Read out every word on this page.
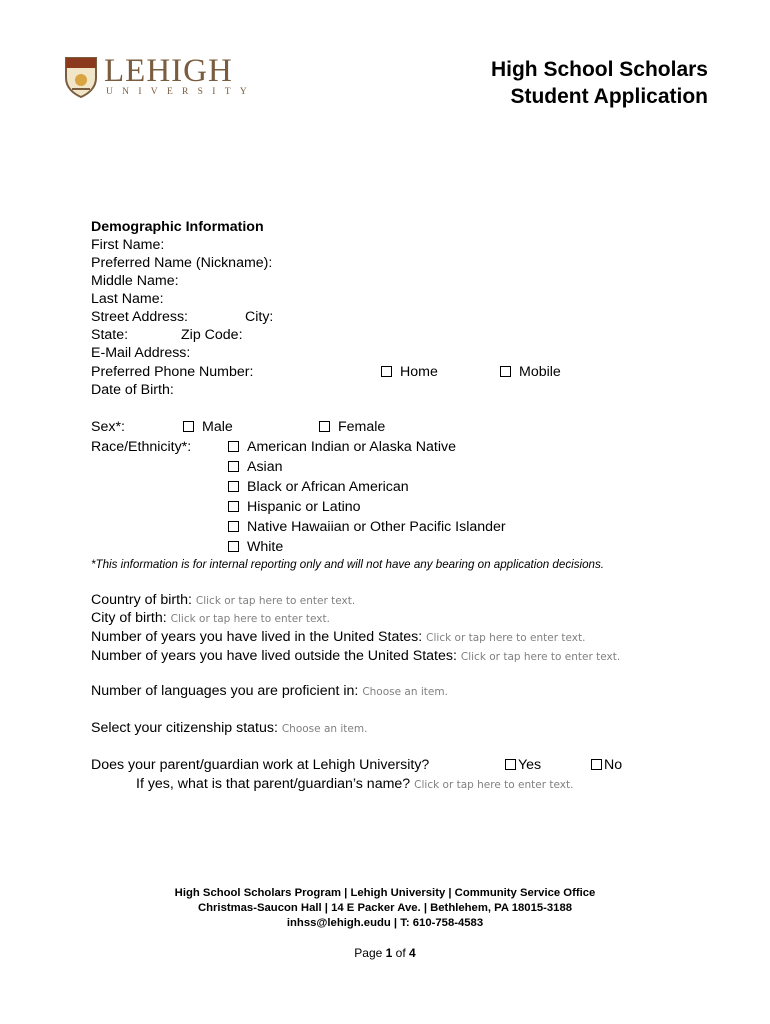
LEHIGH
UNIVERSITY
High School Scholars
Student Application
Demographic Information
First Name:
Preferred Name (Nickname):
Middle Name:
Last Name:
Street Address:	City:
State:	Zip Code:
E-Mail Address:
Preferred Phone Number:	Home	Mobile
Date of Birth:
Sex*:	Male	Female
Race/Ethnicity*:	American Indian or Alaska Native
Asian
Black or African American
Hispanic or Latino
Native Hawaiian or Other Pacific Islander
White
*This information is for internal reporting only and will not have any bearing on application decisions.
Country of birth: Click or tap here to enter text.
City of birth: Click or tap here to enter text.
Number of years you have lived in the United States: Click or tap here to enter text.
Number of years you have lived outside the United States: Click or tap here to enter text.
Number of languages you are proficient in: Choose an item.
Select your citizenship status: Choose an item.
Does your parent/guardian work at Lehigh University?	Yes	No
If yes, what is that parent/guardian’s name? Click or tap here to enter text.
High School Scholars Program | Lehigh University | Community Service Office
Christmas-Saucon Hall | 14 E Packer Ave. | Bethlehem, PA 18015-3188
inhss@lehigh.eudu | T: 610-758-4583
Page 1 of 4
